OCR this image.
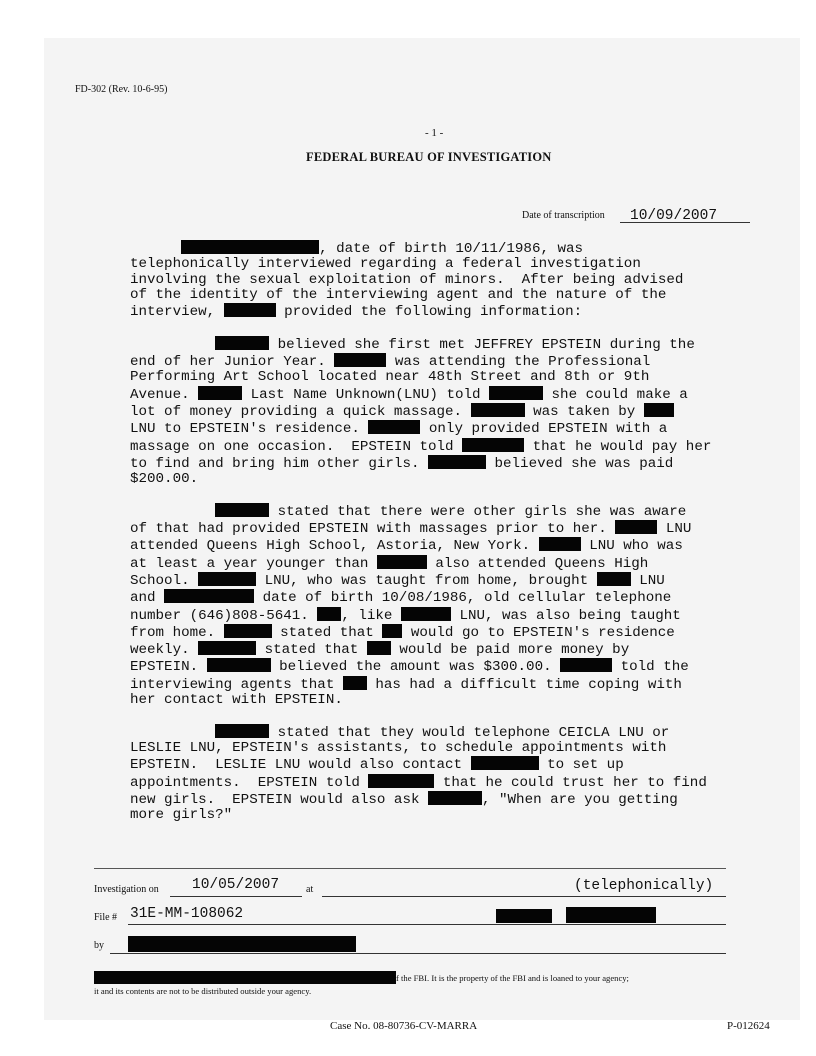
FD-302 (Rev. 10-6-95)
- 1 -
FEDERAL BUREAU OF INVESTIGATION
Date of transcription 10/09/2007

, date of birth 10/11/1986, was
telephonically interviewed regarding a federal investigation
involving the sexual exploitation of minors.  After being advised
of the identity of the interviewing agent and the nature of the
interview,	provided the following information:

believed she first met JEFFREY EPSTEIN during the
end of her Junior Year.	was attending the Professional
Performing Art School located near 48th Street and 8th or 9th
Avenue.	Last Name Unknown(LNU) told	she could make a
lot of money providing a quick massage.	was taken by
LNU to EPSTEIN's residence.	only provided EPSTEIN with a
massage on one occasion.  EPSTEIN told	that he would pay her
to find and bring him other girls.	believed she was paid
$200.00.

stated that there were other girls she was aware
of that had provided EPSTEIN with massages prior to her.	LNU
attended Queens High School, Astoria, New York.	LNU who was
at least a year younger than	also attended Queens High
School.	LNU, who was taught from home, brought	LNU
and	date of birth 10/08/1986, old cellular telephone
number (646)808-5641. , like	LNU, was also being taught
from home.	stated that	would go to EPSTEIN's residence
weekly.	stated that	would be paid more money by
EPSTEIN.	believed the amount was $300.00.	told the
interviewing agents that	has had a difficult time coping with
her contact with EPSTEIN.

stated that they would telephone CEICLA LNU or
LESLIE LNU, EPSTEIN's assistants, to schedule appointments with
EPSTEIN.  LESLIE LNU would also contact	to set up
appointments.  EPSTEIN told	that he could trust her to find
new girls.  EPSTEIN would also ask	, "When are you getting
more girls?"

Investigation on 10/05/2007	at	(telephonically)
File # 31E-MM-108062
by
f the FBI. It is the property of the FBI and is loaned to your agency;
it and its contents are not to be distributed outside your agency.
Case No. 08-80736-CV-MARRA	P-012624
